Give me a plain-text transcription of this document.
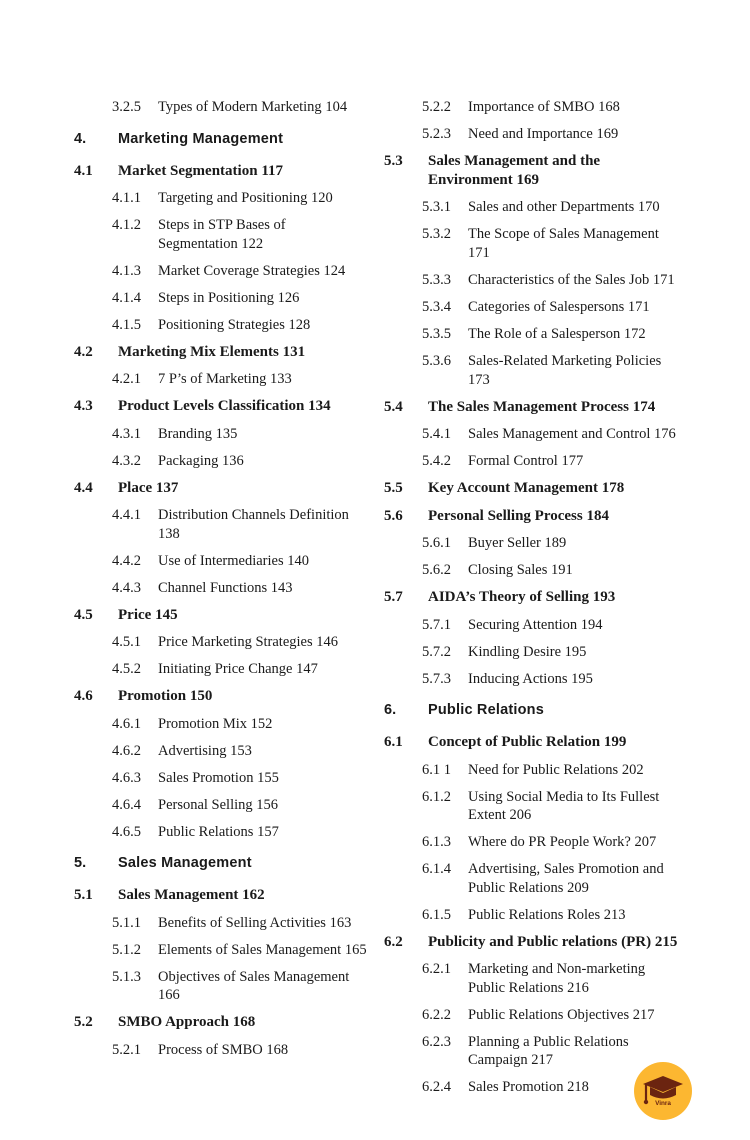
3.2.5	Types of Modern Marketing 104
4.	Marketing Management
4.1	Market Segmentation 117
4.1.1	Targeting and Positioning 120
4.1.2	Steps in STP Bases of Segmentation 122
4.1.3	Market Coverage Strategies 124
4.1.4	Steps in Positioning 126
4.1.5	Positioning Strategies 128
4.2	Marketing Mix Elements 131
4.2.1	7 P’s of Marketing 133
4.3	Product Levels Classification 134
4.3.1	Branding 135
4.3.2	Packaging 136
4.4	Place 137
4.4.1	Distribution Channels Definition 138
4.4.2	Use of Intermediaries 140
4.4.3	Channel Functions 143
4.5	Price 145
4.5.1	Price Marketing Strategies 146
4.5.2	Initiating Price Change 147
4.6	Promotion 150
4.6.1	Promotion Mix 152
4.6.2	Advertising 153
4.6.3	Sales Promotion 155
4.6.4	Personal Selling 156
4.6.5	Public Relations 157
5.	Sales Management
5.1	Sales Management 162
5.1.1	Benefits of Selling Activities 163
5.1.2	Elements of Sales Management 165
5.1.3	Objectives of Sales Management 166
5.2	SMBO Approach 168
5.2.1	Process of SMBO 168
5.2.2	Importance of SMBO 168
5.2.3	Need and Importance 169
5.3	Sales Management and the Environment 169
5.3.1	Sales and other Departments 170
5.3.2	The Scope of Sales Management 171
5.3.3	Characteristics of the Sales Job 171
5.3.4	Categories of Salespersons 171
5.3.5	The Role of a Salesperson 172
5.3.6	Sales-Related Marketing Policies 173
5.4	The Sales Management Process 174
5.4.1	Sales Management and Control 176
5.4.2	Formal Control 177
5.5	Key Account Management 178
5.6	Personal Selling Process 184
5.6.1	Buyer Seller 189
5.6.2	Closing Sales 191
5.7	AIDA’s Theory of Selling 193
5.7.1	Securing Attention 194
5.7.2	Kindling Desire 195
5.7.3	Inducing Actions 195
6.	Public Relations
6.1	Concept of Public Relation 199
6.1 1	Need for Public Relations 202
6.1.2	Using Social Media to Its Fullest Extent 206
6.1.3	Where do PR People Work? 207
6.1.4	Advertising, Sales Promotion and Public Relations 209
6.1.5	Public Relations Roles 213
6.2	Publicity and Public relations (PR) 215
6.2.1	Marketing and Non-marketing Public Relations 216
6.2.2	Public Relations Objectives 217
6.2.3	Planning a Public Relations Campaign 217
6.2.4	Sales Promotion 218
Vinra
